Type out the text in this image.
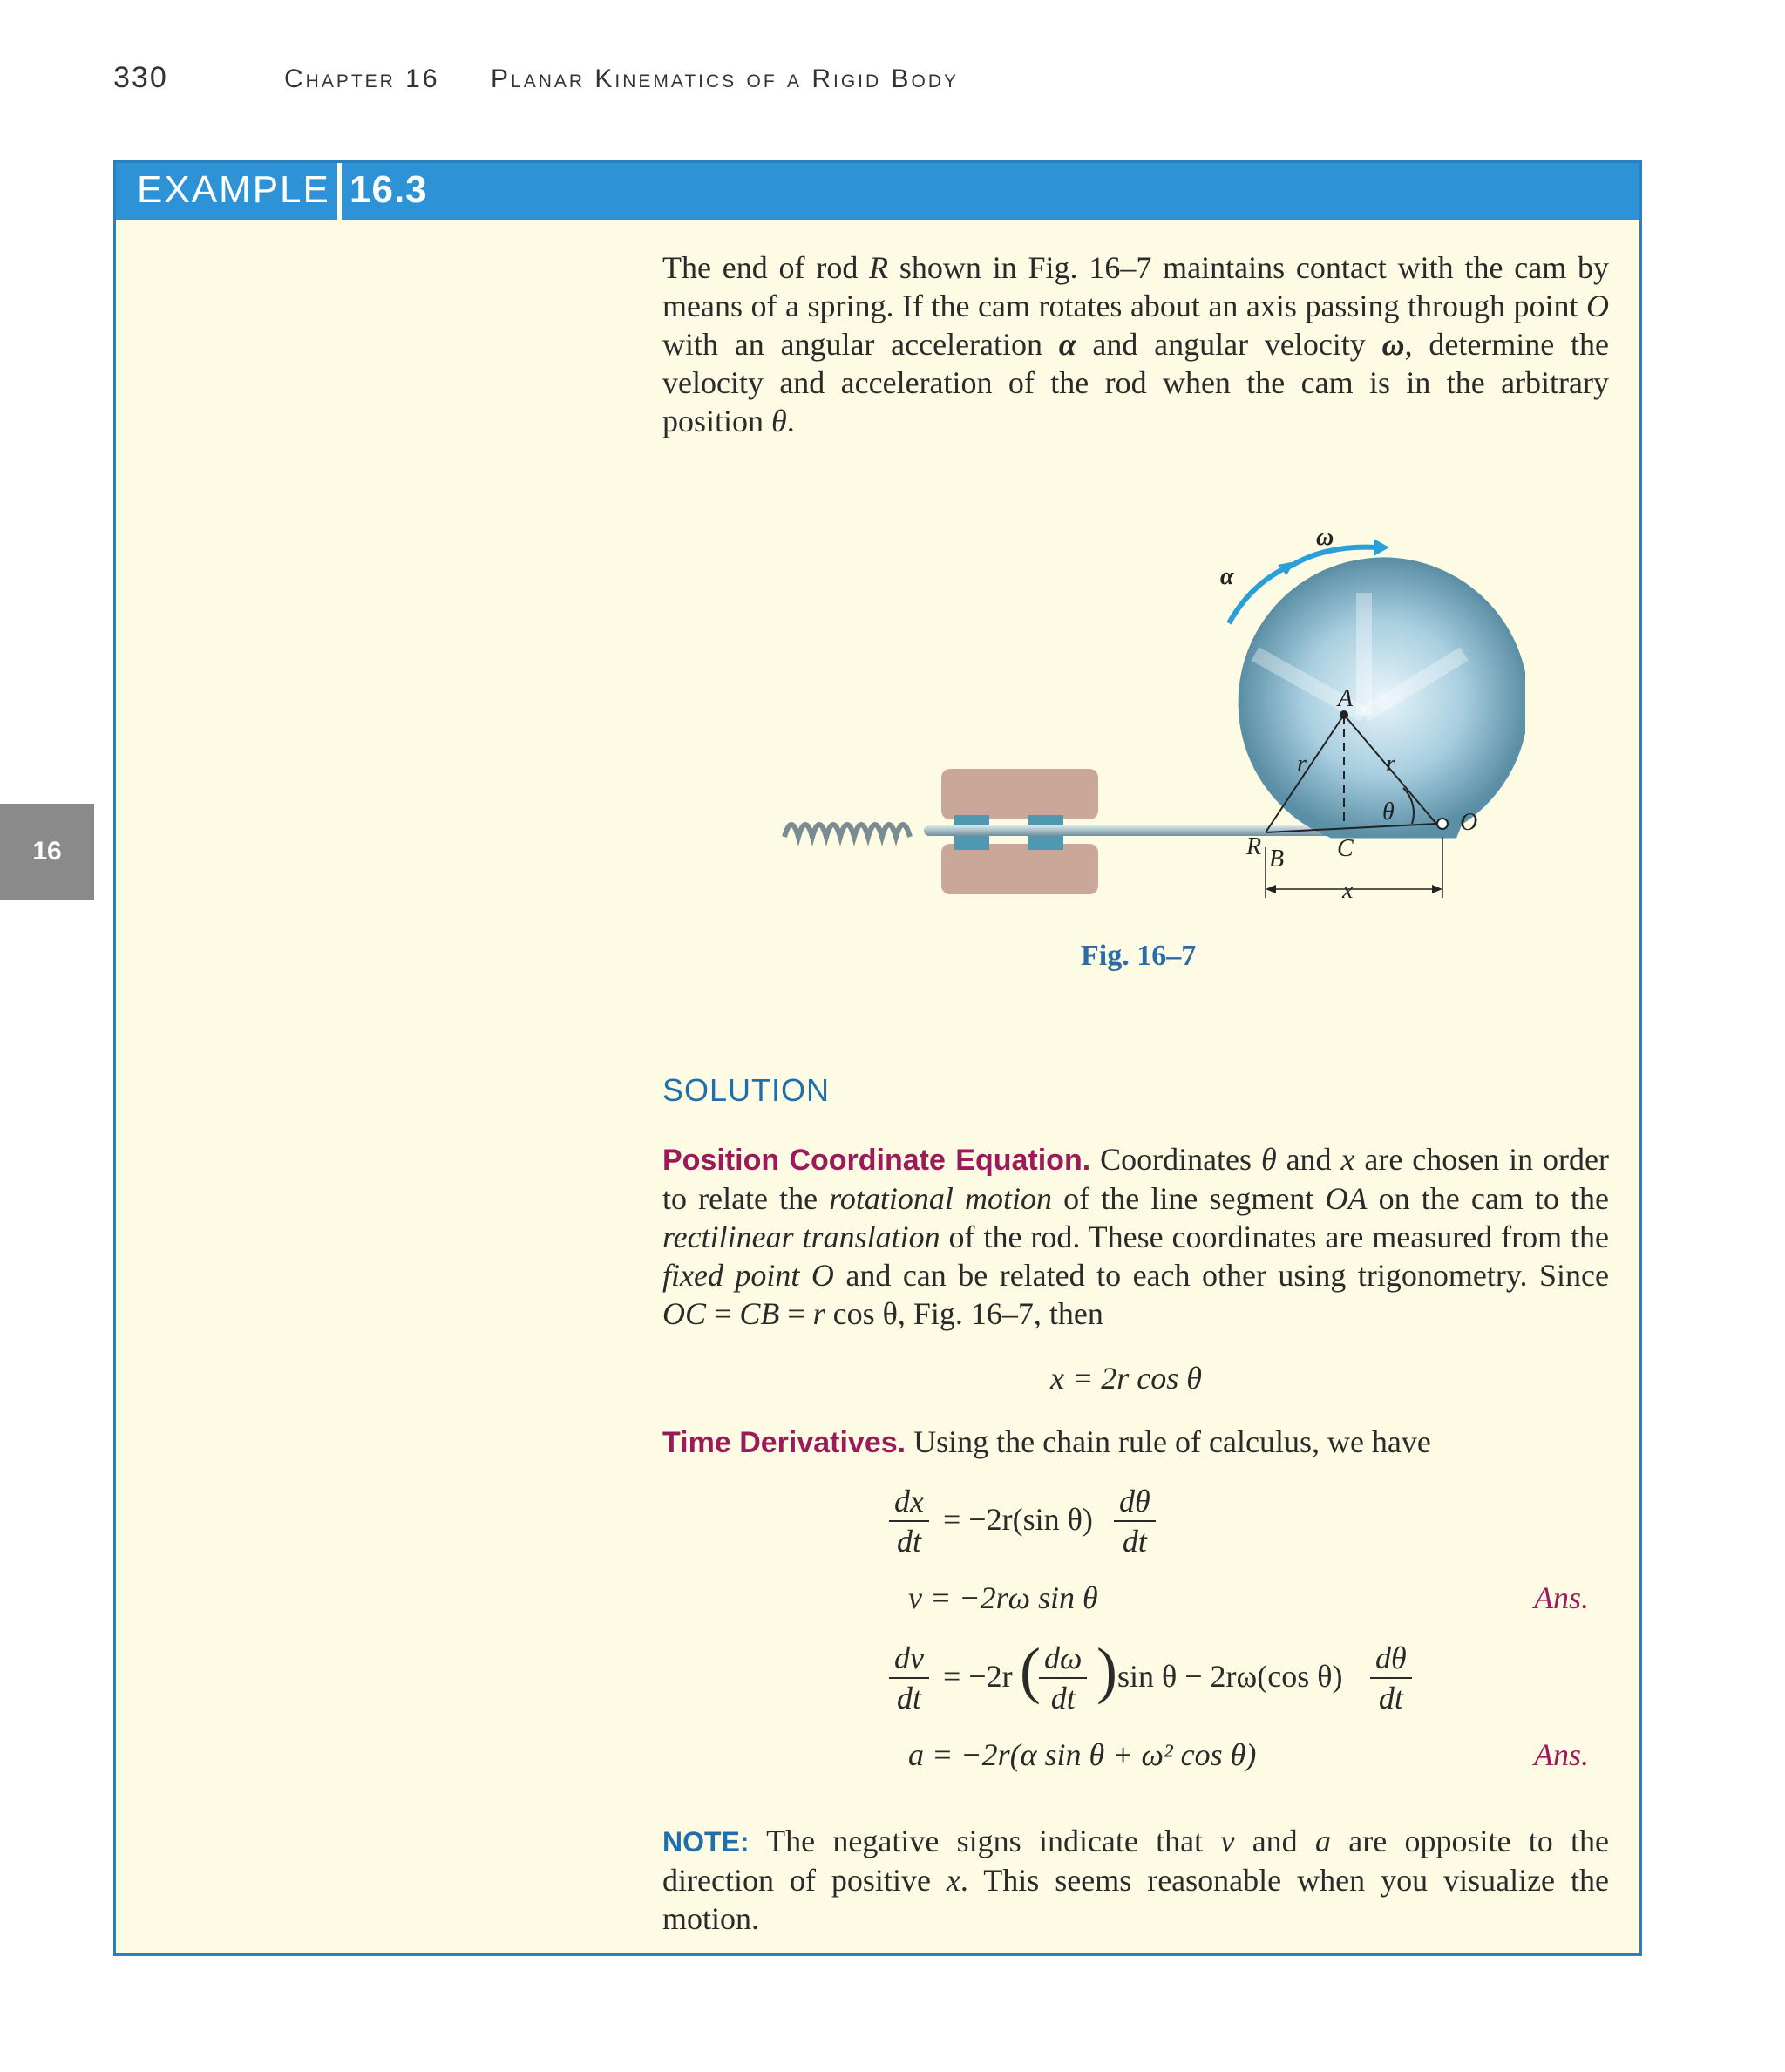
330	Chapter 16 Planar Kinematics of a Rigid Body
16
EXAMPLE 16.3
The end of rod R shown in Fig. 16–7 maintains contact with the cam by means of a spring. If the cam rotates about an axis passing through point O with an angular acceleration α and angular velocity ω, determine the velocity and acceleration of the rod when the cam is in the arbitrary position θ.
ω
α
A
r	r
θ	O
C
R B
x
Fig. 16–7
SOLUTION
Position Coordinate Equation. Coordinates θ and x are chosen in order to relate the rotational motion of the line segment OA on the cam to the rectilinear translation of the rod. These coordinates are measured from the fixed point O and can be related to each other using trigonometry. Since OC = CB = r cos θ, Fig. 16–7, then
x = 2r cos θ
Time Derivatives. Using the chain rule of calculus, we have
$\frac{dx}{dt} = -2r(\sin$ $\theta) \frac{d\theta}{dt}$
v = −2rω sin θ	Ans.
$\frac{dv}{dt} = -2r$ (
$\frac{d\omega}{dt}$ ) sin θ − 2rω(cos $\theta) \frac{d\theta}{dt}$
a = −2r(α sin θ + ω² cos θ)	Ans.
NOTE: The negative signs indicate that v and a are opposite to the direction of positive x. This seems reasonable when you visualize the motion.
